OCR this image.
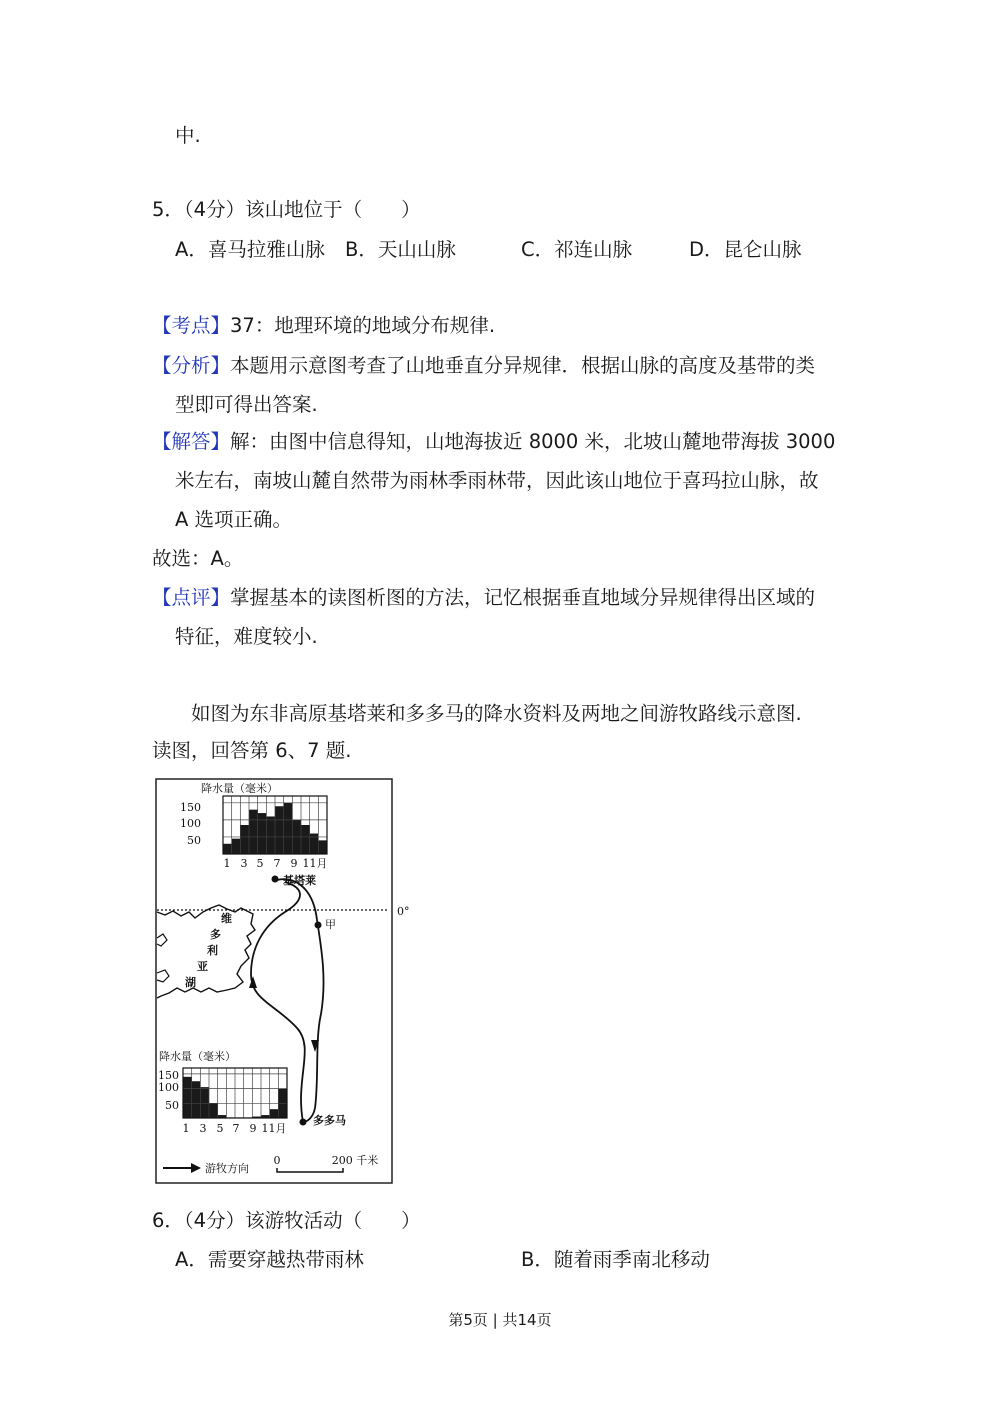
中.
5．（4分）该山地位于（　　）
A．喜马拉雅山脉 B．天山山脉	C．祁连山脉	D．昆仑山脉
【考点】37：地理环境的地域分布规律.
【分析】本题用示意图考查了山地垂直分异规律．根据山脉的高度及基带的类
型即可得出答案.
【解答】解：由图中信息得知，山地海拔近 8000 米，北坡山麓地带海拔 3000
米左右，南坡山麓自然带为雨林季雨林带，因此该山地位于喜玛拉山脉，故
A 选项正确。
故选：A。
【点评】掌握基本的读图析图的方法，记忆根据垂直地域分异规律得出区域的
特征，难度较小.
如图为东非高原基塔莱和多多马的降水资料及两地之间游牧路线示意图.
读图，回答第 6、7 题.
降水量（毫米）
150
100
50
1 3 5 7 9 11月
0°
维
多
利
亚
湖
基塔莱
甲
多多马
降水量（毫米）
150
100
50
1 3 5 7 9 11月
游牧方向
0	200 千米
6．（4分）该游牧活动（　　）
A．需要穿越热带雨林	B．随着雨季南北移动
第5页 | 共14页
